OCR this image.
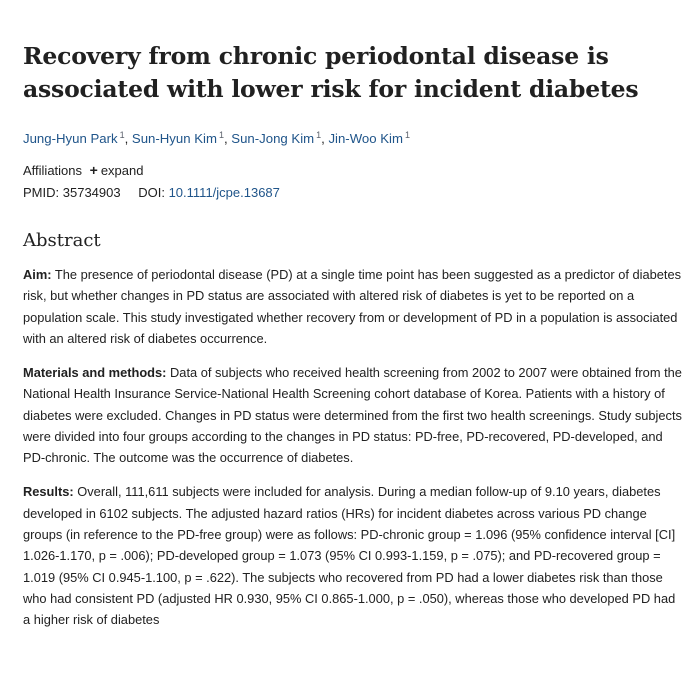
Recovery from chronic periodontal disease is associated with lower risk for incident diabetes
Jung-Hyun Park $^1$, Sun-Hyun Kim $^1$, Sun-Jong Kim $^1$, Jin-Woo Kim $^1$
Affiliations + expand
PMID: 35734903 DOI: 10.1111/jcpe.13687
Abstract

Aim: The presence of periodontal disease (PD) at a single time point has been suggested as a predictor of diabetes risk, but whether changes in PD status are associated with altered risk of diabetes is yet to be reported on a population scale. This study investigated whether recovery from or development of PD in a population is associated with an altered risk of diabetes occurrence.

Materials and methods: Data of subjects who received health screening from 2002 to 2007 were obtained from the National Health Insurance Service-National Health Screening cohort database of Korea. Patients with a history of diabetes were excluded. Changes in PD status were determined from the first two health screenings. Study subjects were divided into four groups according to the changes in PD status: PD-free, PD-recovered, PD-developed, and PD-chronic. The outcome was the occurrence of diabetes.

Results: Overall, 111,611 subjects were included for analysis. During a median follow-up of 9.10 years, diabetes developed in 6102 subjects. The adjusted hazard ratios (HRs) for incident diabetes across various PD change groups (in reference to the PD-free group) were as follows: PD-chronic group = 1.096 (95% confidence interval [CI] 1.026-1.170, p = .006); PD-developed group = 1.073 (95% CI 0.993-1.159, p = .075); and PD-recovered group = 1.019 (95% CI 0.945-1.100, p = .622). The subjects who recovered from PD had a lower diabetes risk than those who had consistent PD (adjusted HR 0.930, 95% CI 0.865-1.000, p = .050), whereas those who developed PD had a higher risk of diabetes
